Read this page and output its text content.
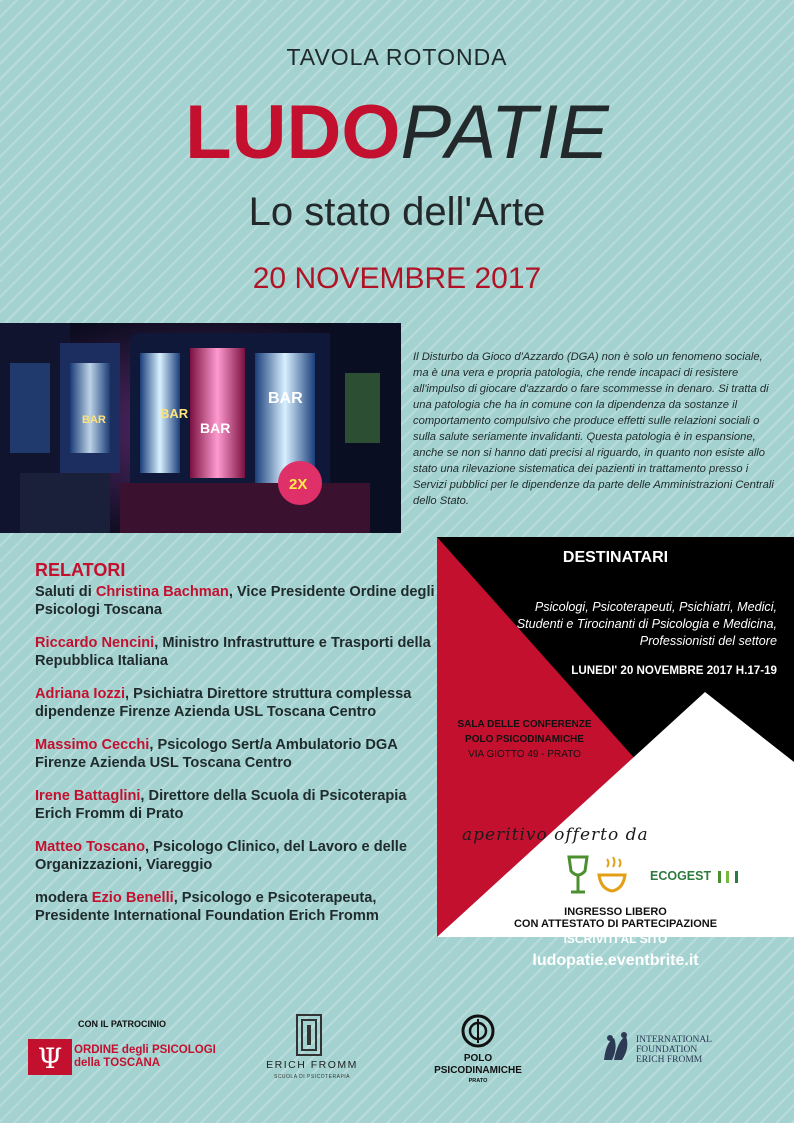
TAVOLA ROTONDA
LUDOPATIE
Lo stato dell'Arte
20 NOVEMBRE 2017
BAR
BAR
BAR
BAR
2X

Il Disturbo da Gioco d'Azzardo (DGA) non è solo un fenomeno sociale, ma è una vera e propria patologia, che rende incapaci di resistere all'impulso di giocare d'azzardo o fare scommesse in denaro. Si tratta di una patologia che ha in comune con la dipendenza da sostanze il comportamento compulsivo che produce effetti sulle relazioni sociali o sulla salute seriamente invalidanti. Questa patologia è in espansione, anche se non si hanno dati precisi al riguardo, in quanto non esiste allo stato una rilevazione sistematica dei pazienti in trattamento presso i Servizi pubblici per le dipendenze da parte delle Amministrazioni Centrali dello Stato.

RELATORI

Saluti di Christina Bachman, Vice Presidente Ordine degli Psicologi Toscana

Riccardo Nencini, Ministro Infrastrutture e Trasporti della Repubblica Italiana

Adriana Iozzi, Psichiatra Direttore struttura complessa dipendenze Firenze Azienda USL Toscana Centro

Massimo Cecchi, Psicologo Sert/a Ambulatorio DGA Firenze Azienda USL Toscana Centro

Irene Battaglini, Direttore della Scuola di Psicoterapia Erich Fromm di Prato

Matteo Toscano, Psicologo Clinico, del Lavoro e delle Organizzazioni, Viareggio

modera Ezio Benelli, Psicologo e Psicoterapeuta, Presidente International Foundation Erich Fromm

DESTINATARI
Psicologi, Psicoterapeuti, Psichiatri, Medici, Studenti e Tirocinanti di Psicologia e Medicina, Professionisti del settore
LUNEDI' 20 NOVEMBRE 2017 H.17-19
SALA DELLE CONFERENZE
POLO PSICODINAMICHE
VIA GIOTTO 49 - PRATO
aperitivo offerto da
ECOGEST
INGRESSO LIBERO
CON ATTESTATO DI PARTECIPAZIONE
ISCRIVITI AL SITO
ludopatie.eventbrite.it
CON IL PATROCINIO
Ψ ORDINE degli PSICOLOGI
della TOSCANA	ERICH FROMM
SCUOLA DI PSICOTERAPIA
POLO
PSICODINAMICHE
PRATO
INTERNATIONAL
FOUNDATION
ERICH FROMM
